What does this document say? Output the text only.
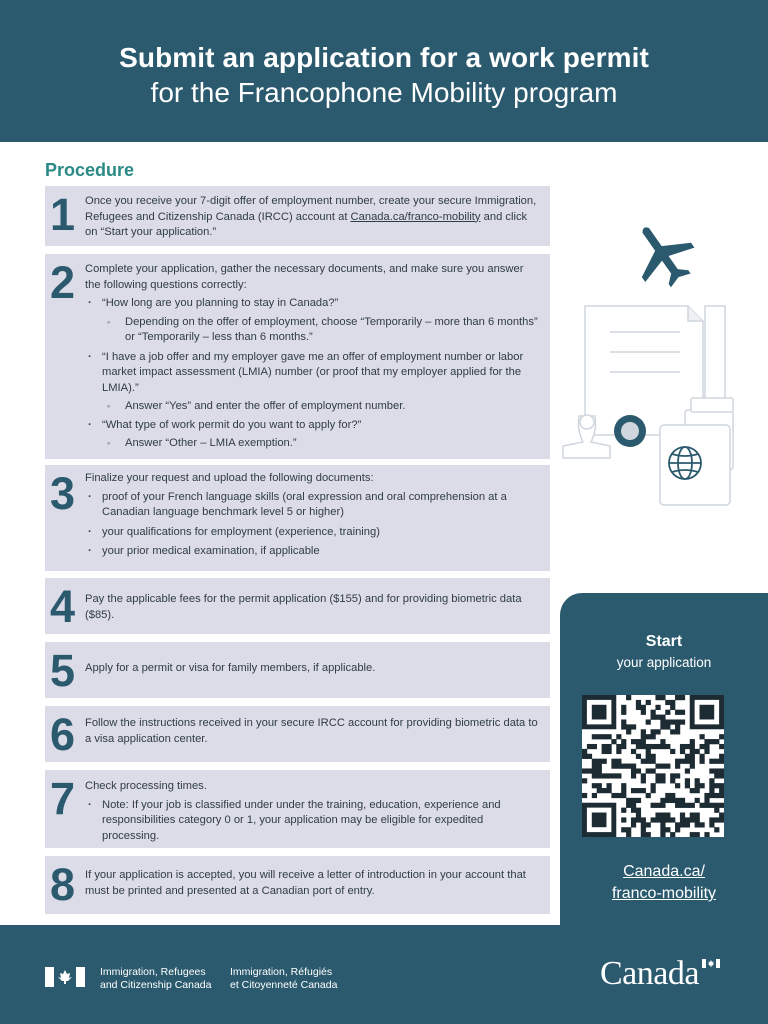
Submit an application for a work permit
for the Francophone Mobility program
Procedure
1 Once you receive your 7-digit offer of employment number, create your secure Immigration, Refugees and Citizenship Canada (IRCC) account at Canada.ca/franco-mobility and click on “Start your application.”

2 Complete your application, gather the necessary documents, and make sure you answer the following questions correctly:

· “How long are you planning to stay in Canada?”
◦ Depending on the offer of employment, choose “Temporarily – more than 6 months” or “Temporarily – less than 6 months.”
· “I have a job offer and my employer gave me an offer of employment number or labor market impact assessment (LMIA) number (or proof that my employer applied for the LMIA).”
◦ Answer “Yes” and enter the offer of employment number.
· “What type of work permit do you want to apply for?”
◦ Answer “Other – LMIA exemption.”
3 Finalize your request and upload the following documents:

· proof of your French language skills (oral expression and oral comprehension at a Canadian language benchmark level 5 or higher)
· your qualifications for employment (experience, training)
· your prior medical examination, if applicable
4 Pay the applicable fees for the permit application ($155) and for providing biometric data ($85).

5 Apply for a permit or visa for family members, if applicable.

6 Follow the instructions received in your secure IRCC account for providing biometric data to a visa application center.

7 Check processing times.

· Note: If your job is classified under under the training, education, experience and responsibilities category 0 or 1, your application may be eligible for expedited processing.
8 If your application is accepted, you will receive a letter of introduction in your account that must be printed and presented at a Canadian port of entry.

Start
your application
Canada.ca/
franco-mobility
Immigration, Refugees
and Citizenship Canada
Immigration, Réfugiés
et Citoyenneté Canada	Canada
